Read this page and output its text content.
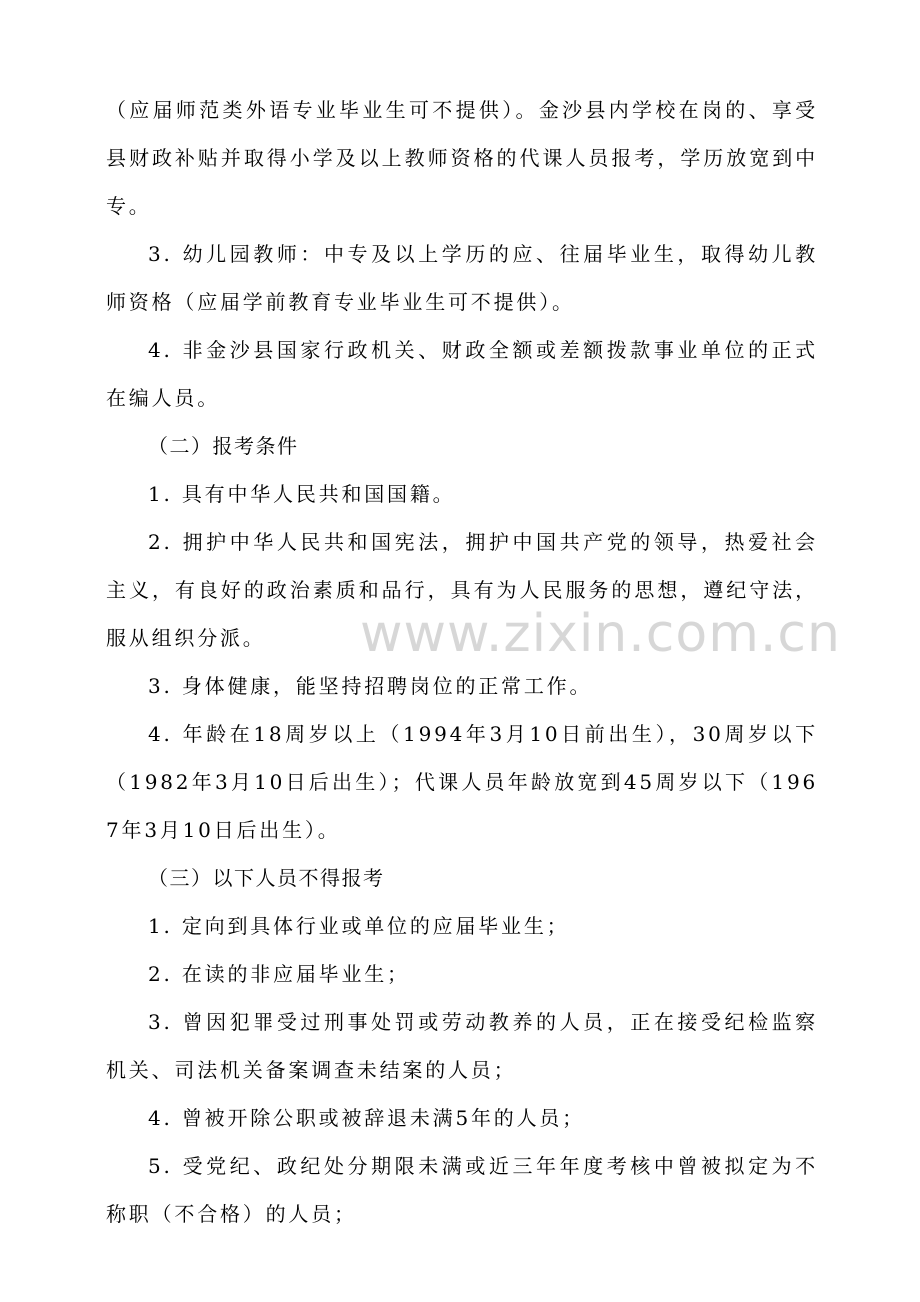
www.zixin.com.cn

（应届师范类外语专业毕业生可不提供）。金沙县内学校在岗的、享受县财政补贴并取得小学及以上教师资格的代课人员报考，学历放宽到中专。

3. 幼儿园教师：中专及以上学历的应、往届毕业生，取得幼儿教师资格（应届学前教育专业毕业生可不提供）。

4. 非金沙县国家行政机关、财政全额或差额拨款事业单位的正式在编人员。

（二）报考条件

1. 具有中华人民共和国国籍。

2. 拥护中华人民共和国宪法，拥护中国共产党的领导，热爱社会主义，有良好的政治素质和品行，具有为人民服务的思想，遵纪守法，服从组织分派。

3. 身体健康，能坚持招聘岗位的正常工作。

4. 年龄在18周岁以上（1994年3月10日前出生），30周岁以下（1982年3月10日后出生）；代课人员年龄放宽到45周岁以下（1967年3月10日后出生）。

（三）以下人员不得报考

1. 定向到具体行业或单位的应届毕业生；

2. 在读的非应届毕业生；

3. 曾因犯罪受过刑事处罚或劳动教养的人员，正在接受纪检监察机关、司法机关备案调查未结案的人员；

4. 曾被开除公职或被辞退未满5年的人员；

5. 受党纪、政纪处分期限未满或近三年年度考核中曾被拟定为不称职（不合格）的人员；
